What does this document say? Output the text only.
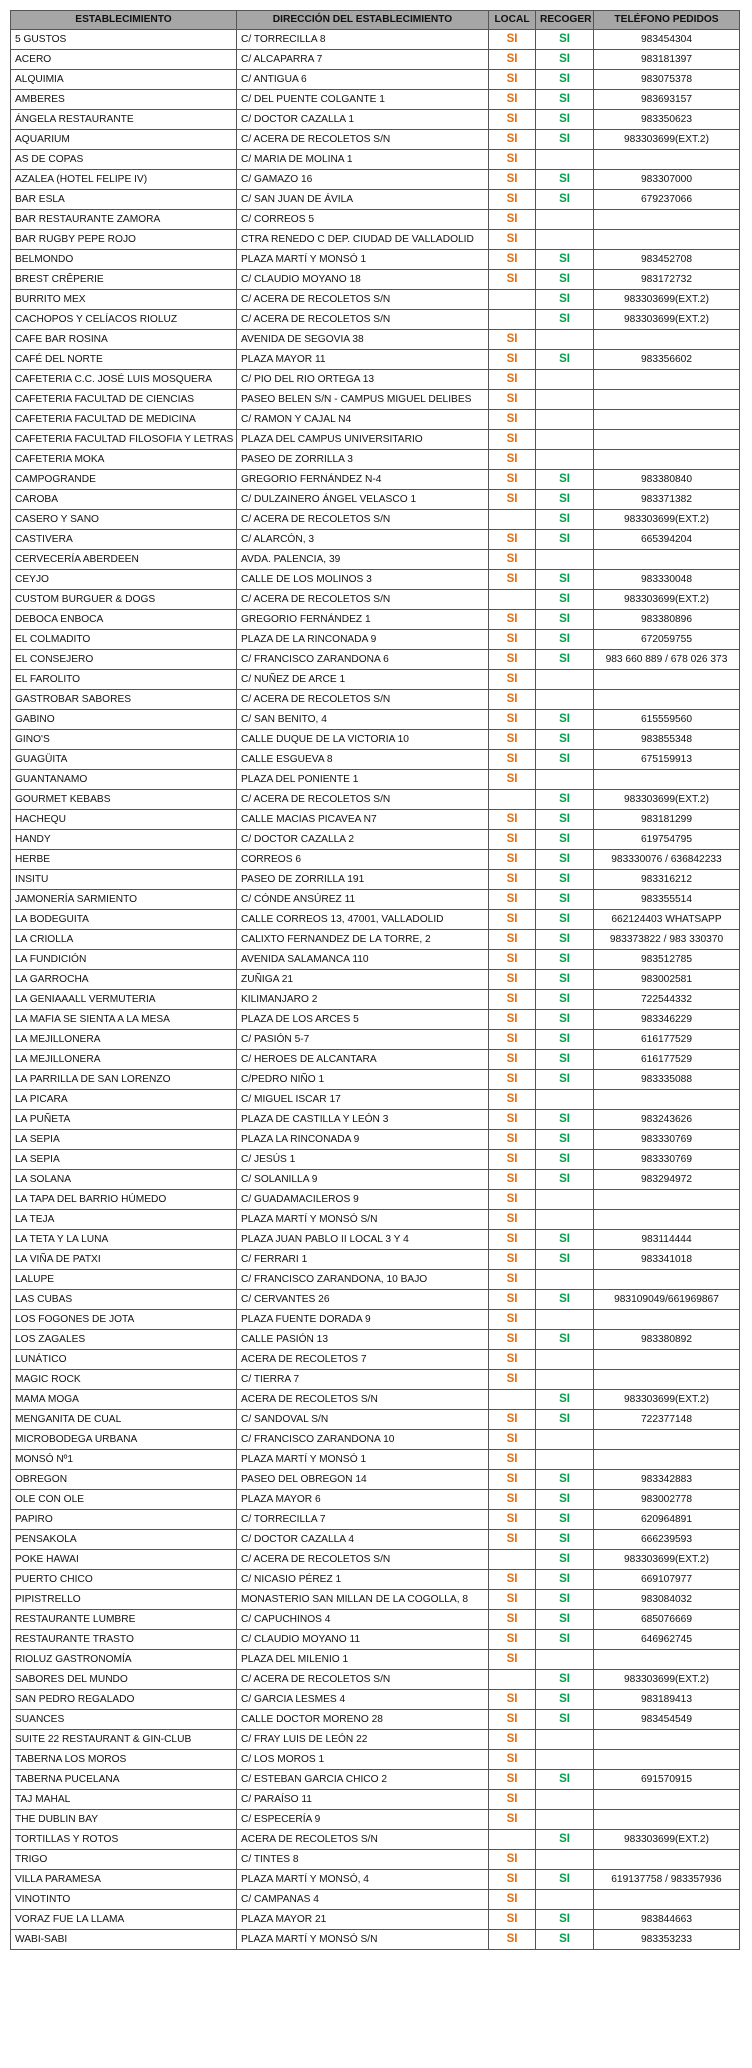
ESTABLECIMIENTO	DIRECCIÓN DEL ESTABLECIMIENTO	LOCAL	RECOGER	TELÉFONO PEDIDOS
5 GUSTOS	C/ TORRECILLA 8	SI	SI	983454304
ACERO	C/ ALCAPARRA 7	SI	SI	983181397
ALQUIMIA	C/ ANTIGUA 6	SI	SI	983075378
AMBERES	C/ DEL PUENTE COLGANTE 1	SI	SI	983693157
ÁNGELA RESTAURANTE	C/ DOCTOR CAZALLA 1	SI	SI	983350623
AQUARIUM	C/ ACERA DE RECOLETOS S/N	SI	SI	983303699(EXT.2)
AS DE COPAS	C/ MARIA DE MOLINA 1	SI		
AZALEA (HOTEL FELIPE IV)	C/ GAMAZO 16	SI	SI	983307000
BAR ESLA	C/ SAN JUAN DE ÁVILA	SI	SI	679237066
BAR RESTAURANTE ZAMORA	C/ CORREOS 5	SI		
BAR RUGBY PEPE ROJO	CTRA RENEDO C DEP. CIUDAD DE VALLADOLID	SI		
BELMONDO	PLAZA MARTÍ Y MONSÓ 1	SI	SI	983452708
BREST CRÊPERIE	C/ CLAUDIO MOYANO 18	SI	SI	983172732
BURRITO MEX	C/ ACERA DE RECOLETOS S/N		SI	983303699(EXT.2)
CACHOPOS Y CELÍACOS RIOLUZ	C/ ACERA DE RECOLETOS S/N		SI	983303699(EXT.2)
CAFE BAR ROSINA	AVENIDA DE SEGOVIA 38	SI		
CAFÉ DEL NORTE	PLAZA MAYOR 11	SI	SI	983356602
CAFETERIA C.C. JOSÉ LUIS MOSQUERA	C/ PIO DEL RIO ORTEGA 13	SI		
CAFETERIA FACULTAD DE CIENCIAS	PASEO BELEN S/N - CAMPUS MIGUEL DELIBES	SI		
CAFETERIA FACULTAD DE MEDICINA	C/ RAMON Y CAJAL N4	SI		
CAFETERIA FACULTAD FILOSOFIA Y LETRAS	PLAZA DEL CAMPUS UNIVERSITARIO	SI		
CAFETERIA MOKA	PASEO DE ZORRILLA 3	SI		
CAMPOGRANDE	GREGORIO FERNÁNDEZ N-4	SI	SI	983380840
CAROBA	C/ DULZAINERO ÁNGEL VELASCO 1	SI	SI	983371382
CASERO Y SANO	C/ ACERA DE RECOLETOS S/N		SI	983303699(EXT.2)
CASTIVERA	C/ ALARCÓN, 3	SI	SI	665394204
CERVECERÍA ABERDEEN	AVDA. PALENCIA, 39	SI		
CEYJO	CALLE DE LOS MOLINOS 3	SI	SI	983330048
CUSTOM BURGUER & DOGS	C/ ACERA DE RECOLETOS S/N		SI	983303699(EXT.2)
DEBOCA ENBOCA	GREGORIO FERNÁNDEZ 1	SI	SI	983380896
EL COLMADITO	PLAZA DE LA RINCONADA 9	SI	SI	672059755
EL CONSEJERO	C/ FRANCISCO ZARANDONA 6	SI	SI	983 660 889 / 678 026 373
EL FAROLITO	C/ NUÑEZ DE ARCE 1	SI		
GASTROBAR SABORES	C/ ACERA DE RECOLETOS S/N	SI		
GABINO	C/ SAN BENITO, 4	SI	SI	615559560
GINO'S	CALLE DUQUE DE LA VICTORIA 10	SI	SI	983855348
GUAGÜITA	CALLE ESGUEVA 8	SI	SI	675159913
GUANTANAMO	PLAZA DEL PONIENTE 1	SI		
GOURMET KEBABS	C/ ACERA DE RECOLETOS S/N		SI	983303699(EXT.2)
HACHEQU	CALLE MACIAS PICAVEA N7	SI	SI	983181299
HANDY	C/ DOCTOR CAZALLA 2	SI	SI	619754795
HERBE	CORREOS 6	SI	SI	983330076 / 636842233
INSITU	PASEO DE ZORRILLA 191	SI	SI	983316212
JAMONERÍA SARMIENTO	C/ CÓNDE ANSÚREZ 11	SI	SI	983355514
LA BODEGUITA	CALLE CORREOS 13, 47001, VALLADOLID	SI	SI	662124403 WHATSAPP
LA CRIOLLA	CALIXTO FERNANDEZ DE LA TORRE, 2	SI	SI	983373822 / 983 330370
LA FUNDICIÓN	AVENIDA SALAMANCA 110	SI	SI	983512785
LA GARROCHA	ZUÑIGA 21	SI	SI	983002581
LA GENIAAALL VERMUTERIA	KILIMANJARO 2	SI	SI	722544332
LA MAFIA SE SIENTA A LA MESA	PLAZA DE LOS ARCES 5	SI	SI	983346229
LA MEJILLONERA	C/ PASIÓN 5-7	SI	SI	616177529
LA MEJILLONERA	C/ HEROES DE ALCANTARA	SI	SI	616177529
LA PARRILLA DE SAN LORENZO	C/PEDRO NIÑO 1	SI	SI	983335088
LA PICARA	C/ MIGUEL ISCAR 17	SI		
LA PUÑETA	PLAZA DE CASTILLA Y LEÓN 3	SI	SI	983243626
LA SEPIA	PLAZA LA RINCONADA 9	SI	SI	983330769
LA SEPIA	C/ JESÚS 1	SI	SI	983330769
LA SOLANA	C/ SOLANILLA 9	SI	SI	983294972
LA TAPA DEL BARRIO HÚMEDO	C/ GUADAMACILEROS 9	SI		
LA TEJA	PLAZA MARTÍ Y MONSÓ S/N	SI		
LA TETA Y LA LUNA	PLAZA JUAN PABLO II LOCAL 3 Y 4	SI	SI	983114444
LA VIÑA DE PATXI	C/ FERRARI 1	SI	SI	983341018
LALUPE	C/ FRANCISCO ZARANDONA, 10 BAJO	SI		
LAS CUBAS	C/ CERVANTES 26	SI	SI	983109049/661969867
LOS FOGONES DE JOTA	PLAZA FUENTE DORADA 9	SI		
LOS ZAGALES	CALLE PASIÓN 13	SI	SI	983380892
LUNÁTICO	ACERA DE RECOLETOS 7	SI		
MAGIC ROCK	C/ TIERRA 7	SI		
MAMA MOGA	ACERA DE RECOLETOS S/N		SI	983303699(EXT.2)
MENGANITA DE CUAL	C/ SANDOVAL S/N	SI	SI	722377148
MICROBODEGA URBANA	C/ FRANCISCO ZARANDONA 10	SI		
MONSÓ Nº1	PLAZA MARTÍ Y MONSÓ 1	SI		
OBREGON	PASEO DEL OBREGON 14	SI	SI	983342883
OLE CON OLE	PLAZA MAYOR 6	SI	SI	983002778
PAPIRO	C/ TORRECILLA 7	SI	SI	620964891
PENSAKOLA	C/ DOCTOR CAZALLA 4	SI	SI	666239593
POKE HAWAI	C/ ACERA DE RECOLETOS S/N		SI	983303699(EXT.2)
PUERTO CHICO	C/ NICASIO PÉREZ 1	SI	SI	669107977
PIPISTRELLO	MONASTERIO SAN MILLAN DE LA COGOLLA, 8	SI	SI	983084032
RESTAURANTE LUMBRE	C/ CAPUCHINOS 4	SI	SI	685076669
RESTAURANTE TRASTO	C/ CLAUDIO MOYANO 11	SI	SI	646962745
RIOLUZ GASTRONOMÍA	PLAZA DEL MILENIO 1	SI		
SABORES DEL MUNDO	C/ ACERA DE RECOLETOS S/N		SI	983303699(EXT.2)
SAN PEDRO REGALADO	C/ GARCIA LESMES 4	SI	SI	983189413
SUANCES	CALLE DOCTOR MORENO 28	SI	SI	983454549
SUITE 22 RESTAURANT & GIN-CLUB	C/ FRAY LUIS DE LEÓN 22	SI		
TABERNA LOS MOROS	C/ LOS MOROS 1	SI		
TABERNA PUCELANA	C/ ESTEBAN GARCIA CHICO 2	SI	SI	691570915
TAJ MAHAL	C/ PARAÍSO 11	SI		
THE DUBLIN BAY	C/ ESPECERÍA 9	SI		
TORTILLAS Y ROTOS	ACERA DE RECOLETOS S/N		SI	983303699(EXT.2)
TRIGO	C/ TINTES 8	SI		
VILLA PARAMESA	PLAZA MARTÍ Y MONSÓ, 4	SI	SI	619137758 / 983357936
VINOTINTO	C/ CAMPANAS 4	SI		
VORAZ FUE LA LLAMA	PLAZA MAYOR 21	SI	SI	983844663
WABI-SABI	PLAZA MARTÍ Y MONSÓ S/N	SI	SI	983353233
